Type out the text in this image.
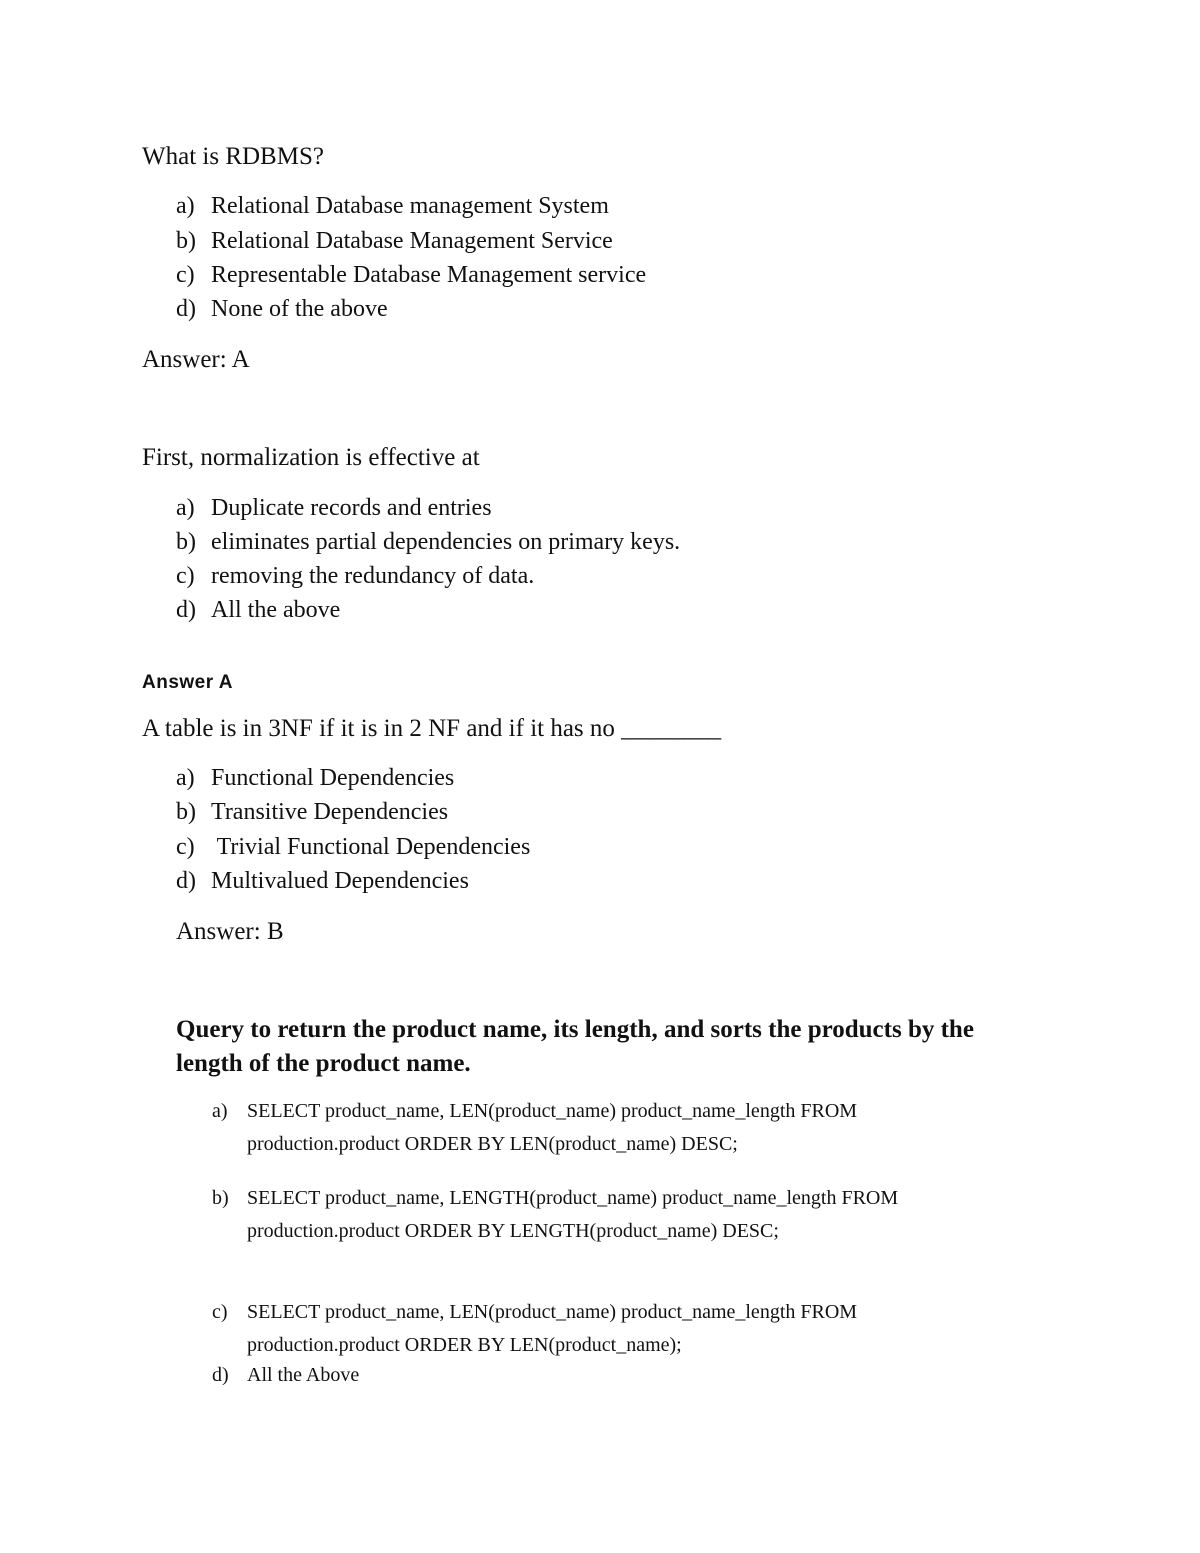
What is RDBMS?
a) Relational Database management System
b) Relational Database Management Service
c) Representable Database Management service
d) None of the above
Answer: A
First, normalization is effective at
a) Duplicate records and entries
b) eliminates partial dependencies on primary keys.
c) removing the redundancy of data.
d) All the above
Answer A
A table is in 3NF if it is in 2 NF and if it has no ________
a) Functional Dependencies
b) Transitive Dependencies
c) Trivial Functional Dependencies
d) Multivalued Dependencies
Answer: B
Query to return the product name, its length, and sorts the products by the
length of the product name.
a) SELECT product_name, LEN(product_name) product_name_length FROM
production.product ORDER BY LEN(product_name) DESC;
b) SELECT product_name, LENGTH(product_name) product_name_length FROM
production.product ORDER BY LENGTH(product_name) DESC;
c) SELECT product_name, LEN(product_name) product_name_length FROM
production.product ORDER BY LEN(product_name);
d) All the Above
